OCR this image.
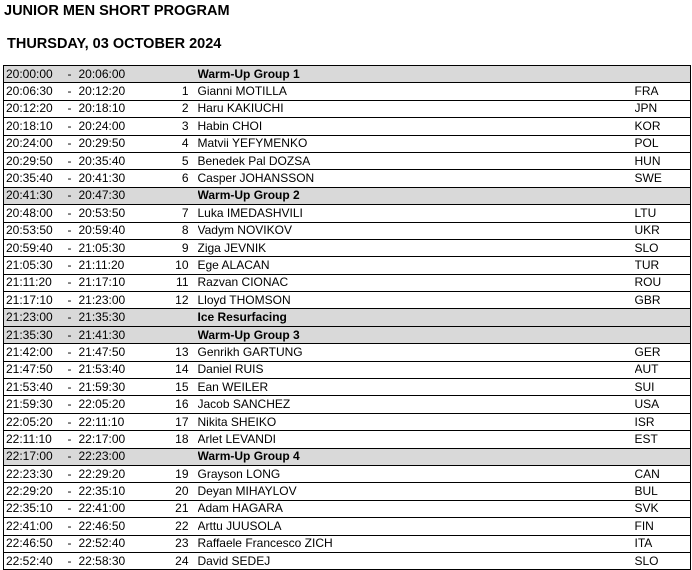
JUNIOR MEN SHORT PROGRAM
THURSDAY, 03 OCTOBER 2024
20:00:00	-	20:06:00		Warm-Up Group 1	
20:06:30	-	20:12:20	1	Gianni MOTILLA	FRA
20:12:20	-	20:18:10	2	Haru KAKIUCHI	JPN
20:18:10	-	20:24:00	3	Habin CHOI	KOR
20:24:00	-	20:29:50	4	Matvii YEFYMENKO	POL
20:29:50	-	20:35:40	5	Benedek Pal DOZSA	HUN
20:35:40	-	20:41:30	6	Casper JOHANSSON	SWE
20:41:30	-	20:47:30		Warm-Up Group 2	
20:48:00	-	20:53:50	7	Luka IMEDASHVILI	LTU
20:53:50	-	20:59:40	8	Vadym NOVIKOV	UKR
20:59:40	-	21:05:30	9	Ziga JEVNIK	SLO
21:05:30	-	21:11:20	10	Ege ALACAN	TUR
21:11:20	-	21:17:10	11	Razvan CIONAC	ROU
21:17:10	-	21:23:00	12	Lloyd THOMSON	GBR
21:23:00	-	21:35:30		Ice Resurfacing	
21:35:30	-	21:41:30		Warm-Up Group 3	
21:42:00	-	21:47:50	13	Genrikh GARTUNG	GER
21:47:50	-	21:53:40	14	Daniel RUIS	AUT
21:53:40	-	21:59:30	15	Ean WEILER	SUI
21:59:30	-	22:05:20	16	Jacob SANCHEZ	USA
22:05:20	-	22:11:10	17	Nikita SHEIKO	ISR
22:11:10	-	22:17:00	18	Arlet LEVANDI	EST
22:17:00	-	22:23:00		Warm-Up Group 4	
22:23:30	-	22:29:20	19	Grayson LONG	CAN
22:29:20	-	22:35:10	20	Deyan MIHAYLOV	BUL
22:35:10	-	22:41:00	21	Adam HAGARA	SVK
22:41:00	-	22:46:50	22	Arttu JUUSOLA	FIN
22:46:50	-	22:52:40	23	Raffaele Francesco ZICH	ITA
22:52:40	-	22:58:30	24	David SEDEJ	SLO
